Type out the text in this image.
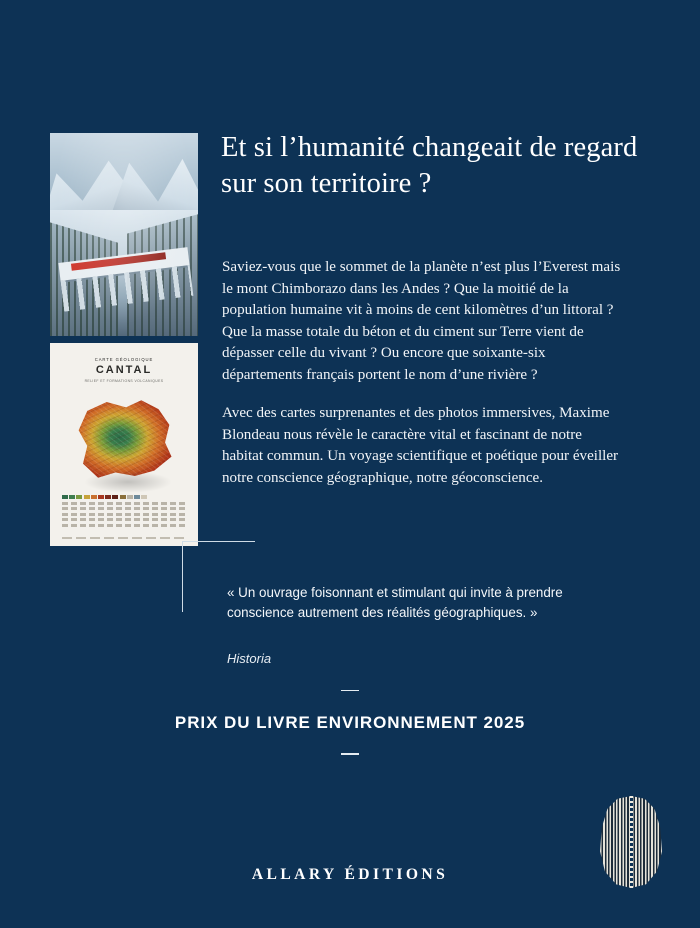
CARTE GÉOLOGIQUE
CANTAL
RELIEF ET FORMATIONS VOLCANIQUES
Et si l’humanité changeait de regard sur son territoire ?

Saviez-vous que le sommet de la planète n’est plus l’Everest mais le mont Chimborazo dans les Andes ? Que la moitié de la population humaine vit à moins de cent kilomètres d’un littoral ? Que la masse totale du béton et du ciment sur Terre vient de dépasser celle du vivant ? Ou encore que soixante-six départements français portent le nom d’une rivière ?

Avec des cartes surprenantes et des photos immersives, Maxime Blondeau nous révèle le caractère vital et fascinant de notre habitat commun. Un voyage scientifique et poétique pour éveiller notre conscience géographique, notre géoconscience.

« Un ouvrage foisonnant et stimulant qui invite à prendre conscience autrement des réalités géographiques. »
Historia
PRIX DU LIVRE ENVIRONNEMENT 2025
ALLARY ÉDITIONS
